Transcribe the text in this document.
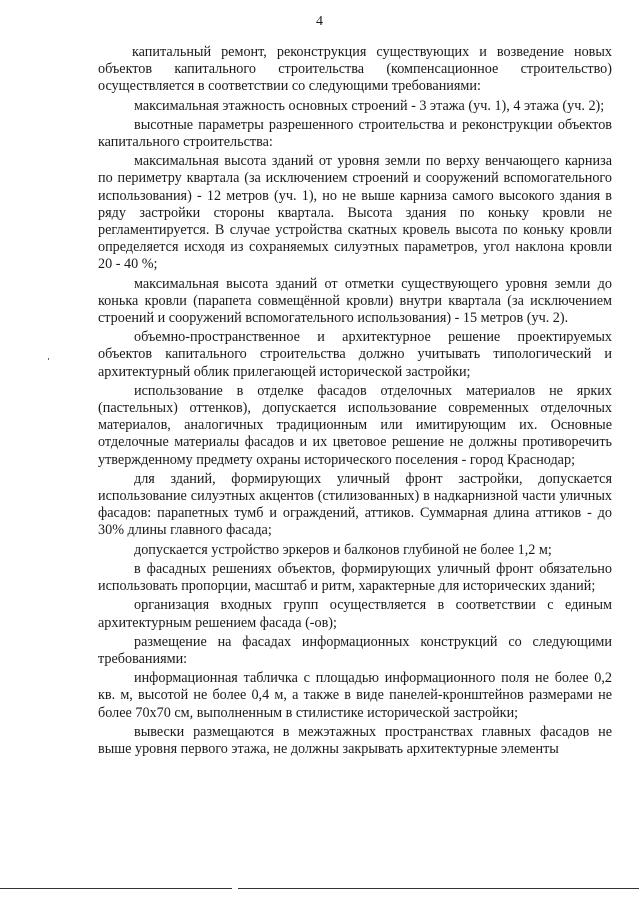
4

капитальный ремонт, реконструкция существующих и возведение новых объектов капитального строительства (компенсационное строительство) осуществляется в соответствии со следующими требованиями:

максимальная этажность основных строений - 3 этажа (уч. 1), 4 этажа (уч. 2);

высотные параметры разрешенного строительства и реконструкции объектов капитального строительства:

максимальная высота зданий от уровня земли по верху венчающего карниза по периметру квартала (за исключением строений и сооружений вспомогательного использования) - 12 метров (уч. 1), но не выше карниза самого высокого здания в ряду застройки стороны квартала. Высота здания по коньку кровли не регламентируется. В случае устройства скатных кровель высота по коньку кровли определяется исходя из сохраняемых силуэтных параметров, угол наклона кровли 20 - 40 %;

максимальная высота зданий от отметки существующего уровня земли до конька кровли (парапета совмещённой кровли) внутри квартала (за исключением строений и сооружений вспомогательного использования) - 15 метров (уч. 2).

объемно-пространственное и архитектурное решение проектируемых объектов капитального строительства должно учитывать типологический и архитектурный облик прилегающей исторической застройки;

использование в отделке фасадов отделочных материалов не ярких (пастельных) оттенков), допускается использование современных отделочных материалов, аналогичных традиционным или имитирующим их. Основные отделочные материалы фасадов и их цветовое решение не должны противоречить утвержденному предмету охраны исторического поселения - город Краснодар;

для зданий, формирующих уличный фронт застройки, допускается использование силуэтных акцентов (стилизованных) в надкарнизной части уличных фасадов: парапетных тумб и ограждений, аттиков. Суммарная длина аттиков - до 30% длины главного фасада;

допускается устройство эркеров и балконов глубиной не более 1,2 м;

в фасадных решениях объектов, формирующих уличный фронт обязательно использовать пропорции, масштаб и ритм, характерные для исторических зданий;

организация входных групп осуществляется в соответствии с единым архитектурным решением фасада (-ов);

размещение на фасадах информационных конструкций со следующими требованиями:

информационная табличка с площадью информационного поля не более 0,2 кв. м, высотой не более 0,4 м, а также в виде панелей-кронштейнов размерами не более 70х70 см, выполненным в стилистике исторической застройки;

вывески размещаются в межэтажных пространствах главных фасадов не выше уровня первого этажа, не должны закрывать архитектурные элементы
